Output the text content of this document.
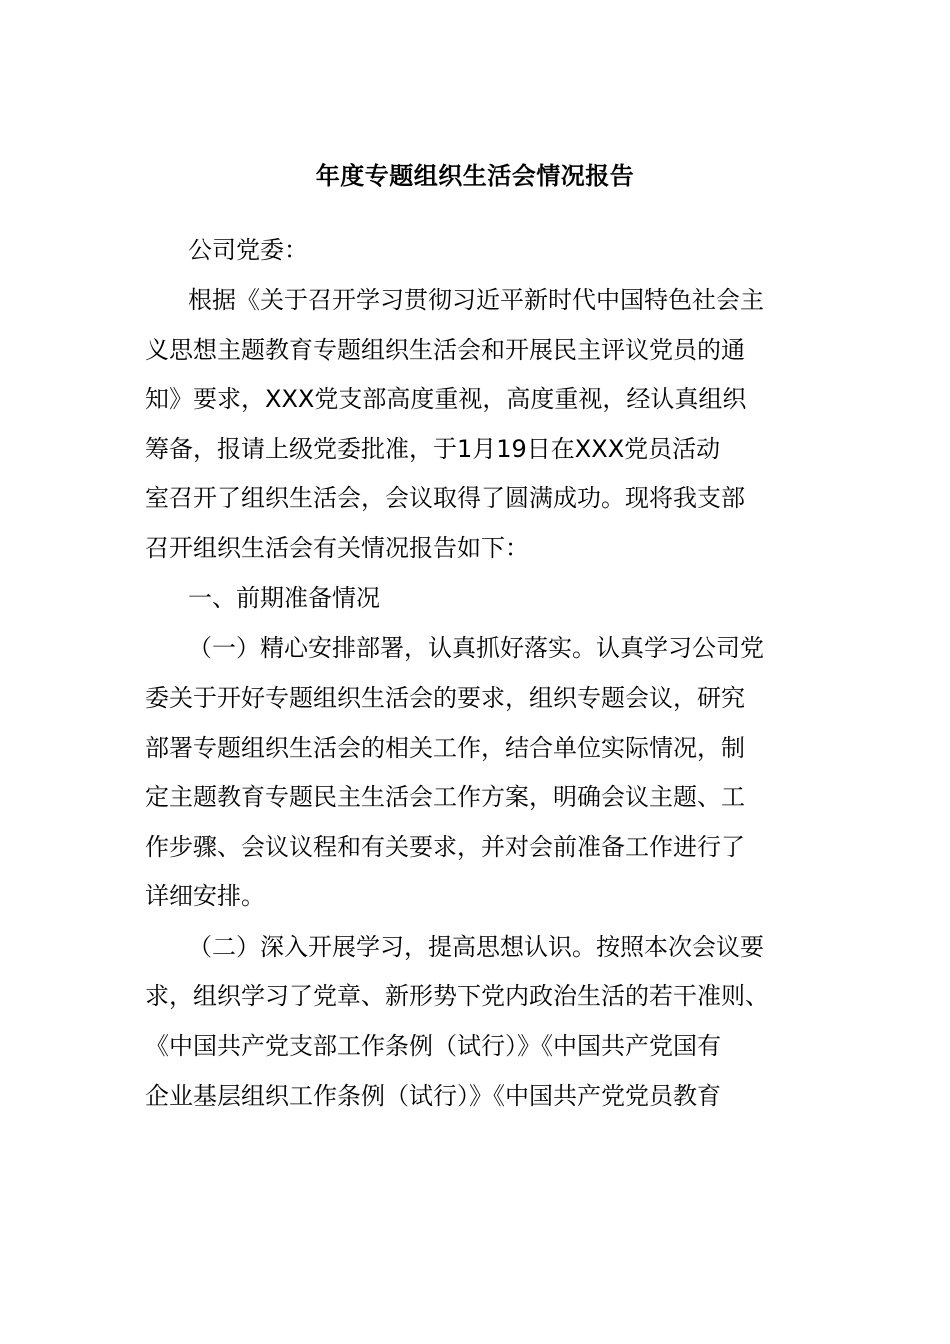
年度专题组织生活会情况报告
公司党委：
根据《关于召开学习贯彻习近平新时代中国特色社会主
义思想主题教育专题组织生活会和开展民主评议党员的通
知》要求，XXX党支部高度重视，高度重视，经认真组织
筹备，报请上级党委批准，于1月19日在XXX党员活动
室召开了组织生活会，会议取得了圆满成功。现将我支部
召开组织生活会有关情况报告如下：
一、前期准备情况
（一）精心安排部署，认真抓好落实。认真学习公司党
委关于开好专题组织生活会的要求，组织专题会议，研究
部署专题组织生活会的相关工作，结合单位实际情况，制
定主题教育专题民主生活会工作方案，明确会议主题、工
作步骤、会议议程和有关要求，并对会前准备工作进行了
详细安排。
（二）深入开展学习，提高思想认识。按照本次会议要
求，组织学习了党章、新形势下党内政治生活的若干准则、
《中国共产党支部工作条例（试行）》《中国共产党国有
企业基层组织工作条例（试行）》《中国共产党党员教育
